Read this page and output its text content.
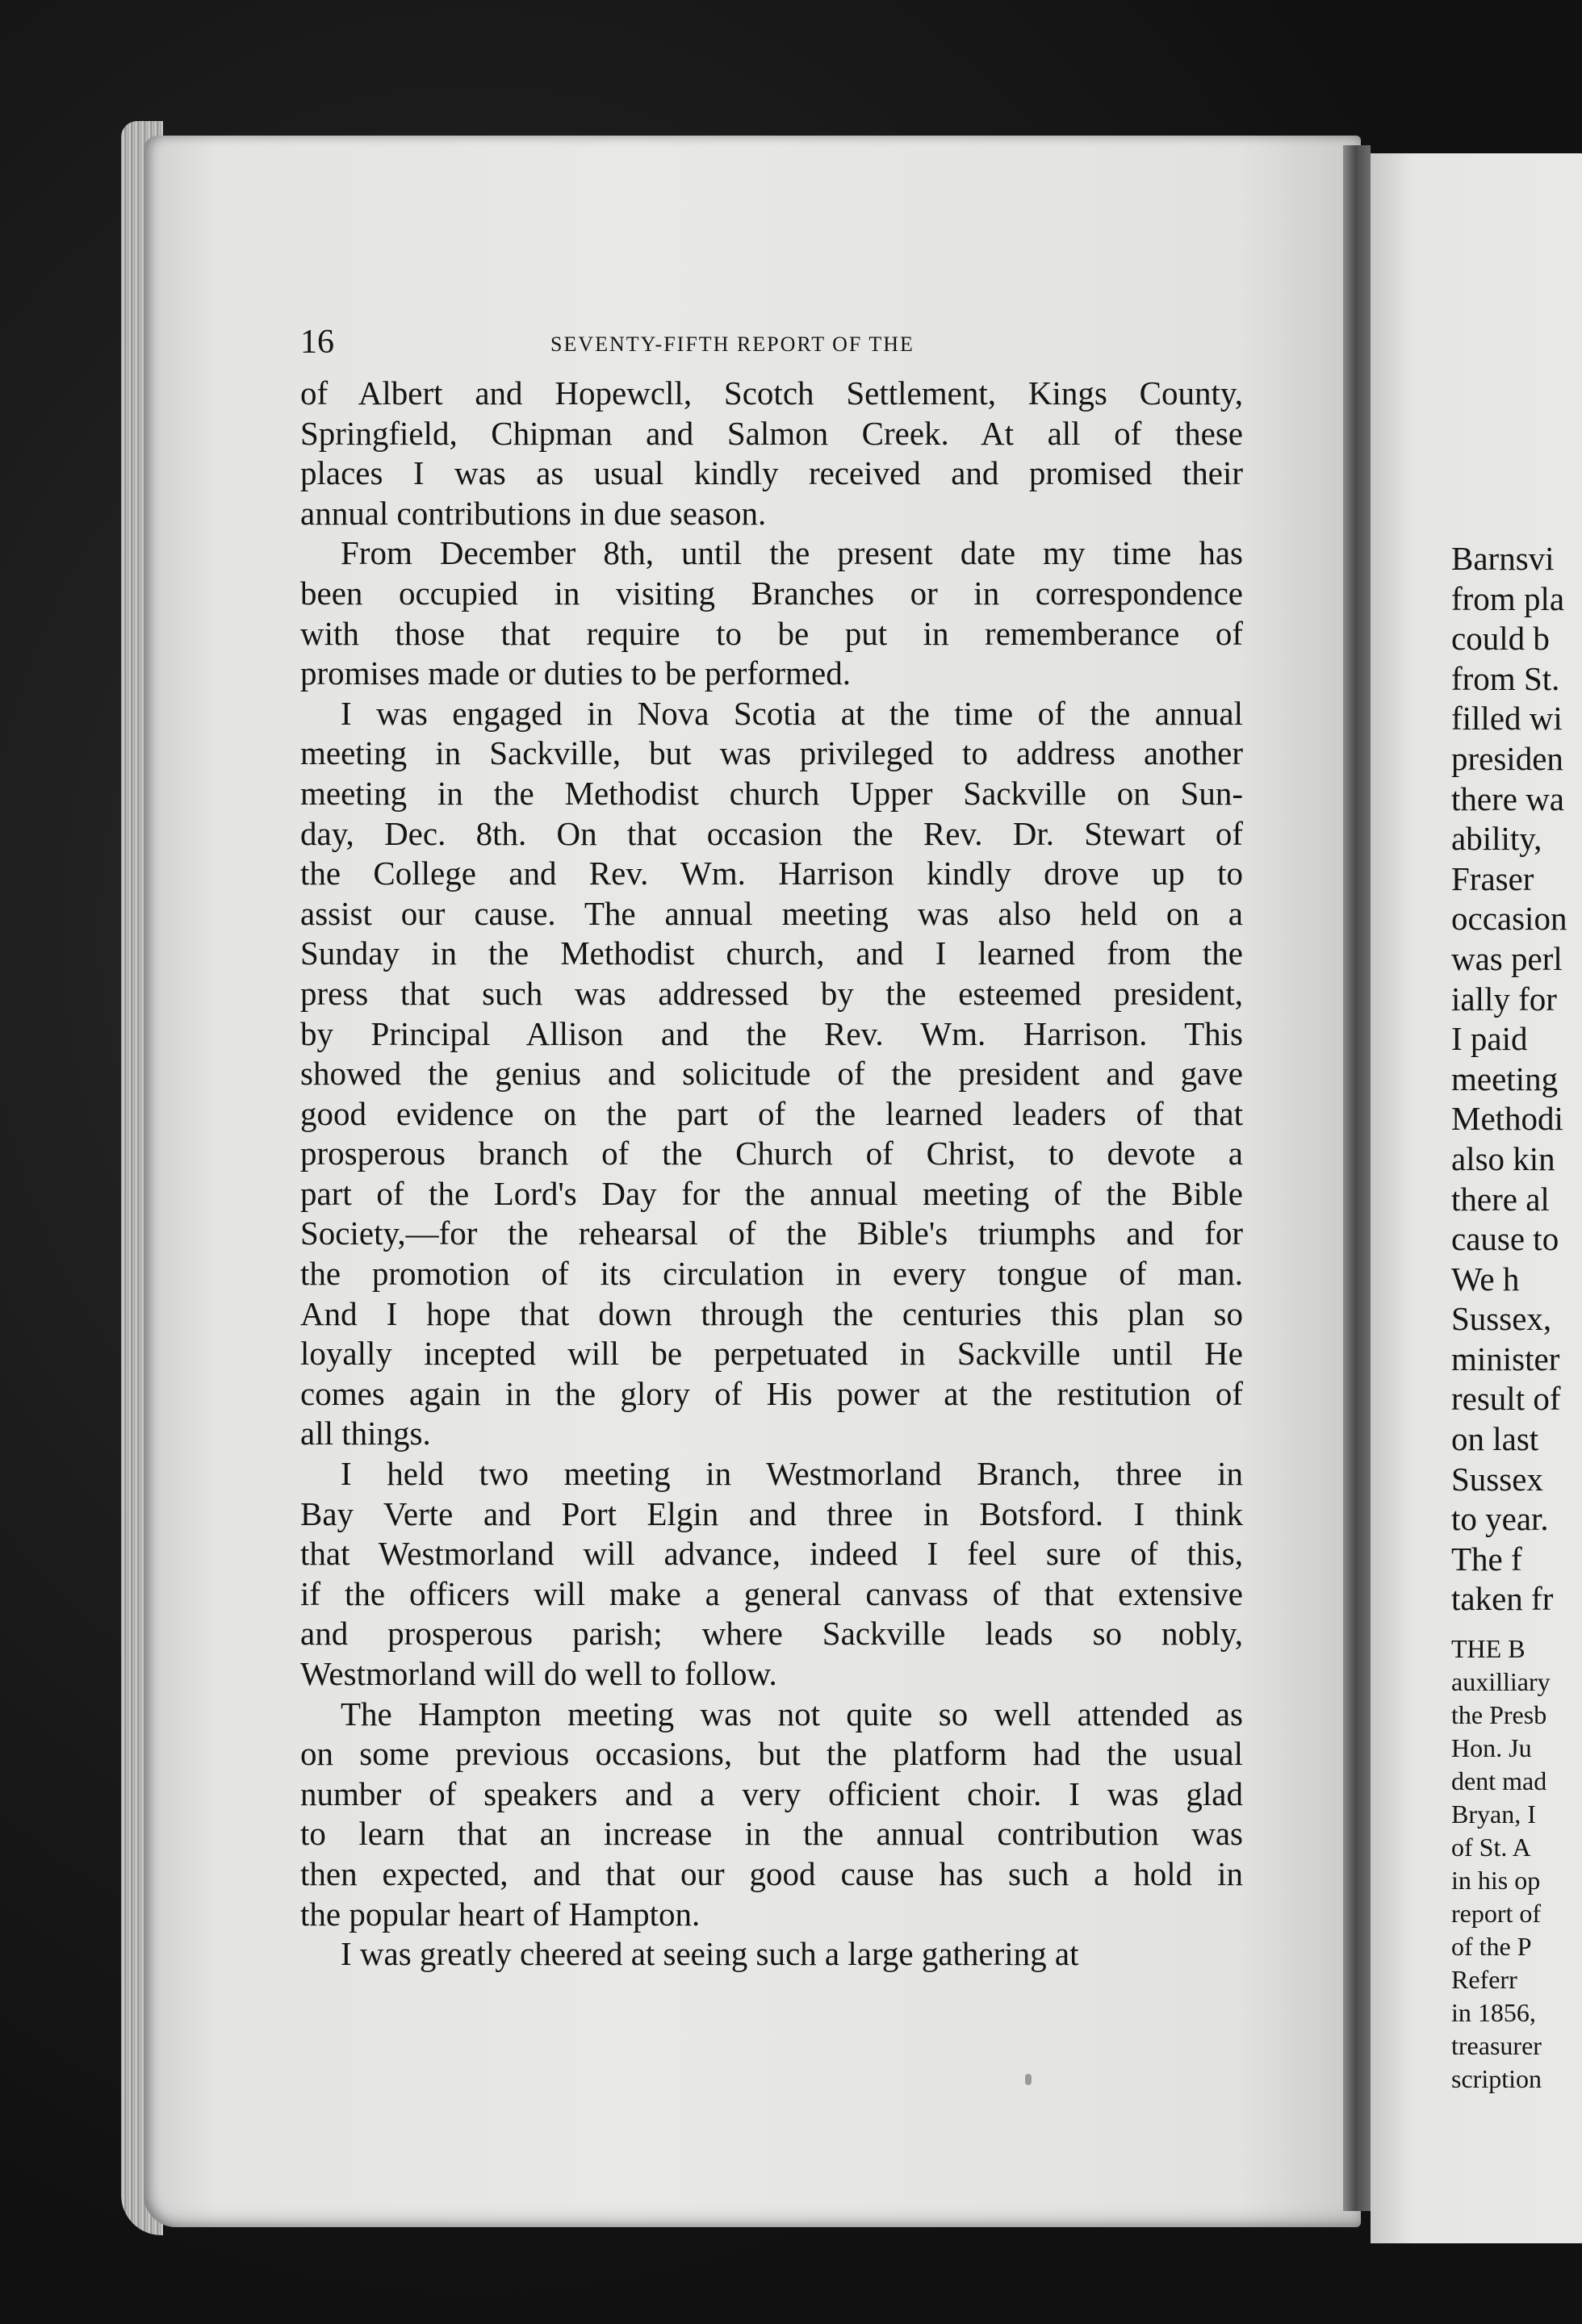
Barnsvi
from pla
could b
from St.
filled wi
presiden
there wa
ability,
Fraser
occasion
was perl
ially for
I paid
meeting
Methodi
also kin
there al
cause to
We h
Sussex,
minister
result of
on last
Sussex
to year.
The f
taken fr
THE B
auxilliary
the Presb
Hon. Ju
dent mad
Bryan, I
of St. A
in his op
report of
of the P
Referr
in 1856,
treasurer
scription
16	SEVENTY-FIFTH REPORT OF THE
of Albert and Hopewcll, Scotch Settlement, Kings County,
Springfield, Chipman and Salmon Creek. At all of these
places I was as usual kindly received and promised their
annual contributions in due season.
From December 8th, until the present date my time has
been occupied in visiting Branches or in correspondence
with those that require to be put in rememberance of
promises made or duties to be performed.
I was engaged in Nova Scotia at the time of the annual
meeting in Sackville, but was privileged to address another
meeting in the Methodist church Upper Sackville on Sun-
day, Dec. 8th. On that occasion the Rev. Dr. Stewart of
the College and Rev. Wm. Harrison kindly drove up to
assist our cause. The annual meeting was also held on a
Sunday in the Methodist church, and I learned from the
press that such was addressed by the esteemed president,
by Principal Allison and the Rev. Wm. Harrison. This
showed the genius and solicitude of the president and gave
good evidence on the part of the learned leaders of that
prosperous branch of the Church of Christ, to devote a
part of the Lord's Day for the annual meeting of the Bible
Society,—for the rehearsal of the Bible's triumphs and for
the promotion of its circulation in every tongue of man.
And I hope that down through the centuries this plan so
loyally incepted will be perpetuated in Sackville until He
comes again in the glory of His power at the restitution of
all things.
I held two meeting in Westmorland Branch, three in
Bay Verte and Port Elgin and three in Botsford. I think
that Westmorland will advance, indeed I feel sure of this,
if the officers will make a general canvass of that extensive
and prosperous parish; where Sackville leads so nobly,
Westmorland will do well to follow.
The Hampton meeting was not quite so well attended as
on some previous occasions, but the platform had the usual
number of speakers and a very officient choir. I was glad
to learn that an increase in the annual contribution was
then expected, and that our good cause has such a hold in
the popular heart of Hampton.
I was greatly cheered at seeing such a large gathering at
